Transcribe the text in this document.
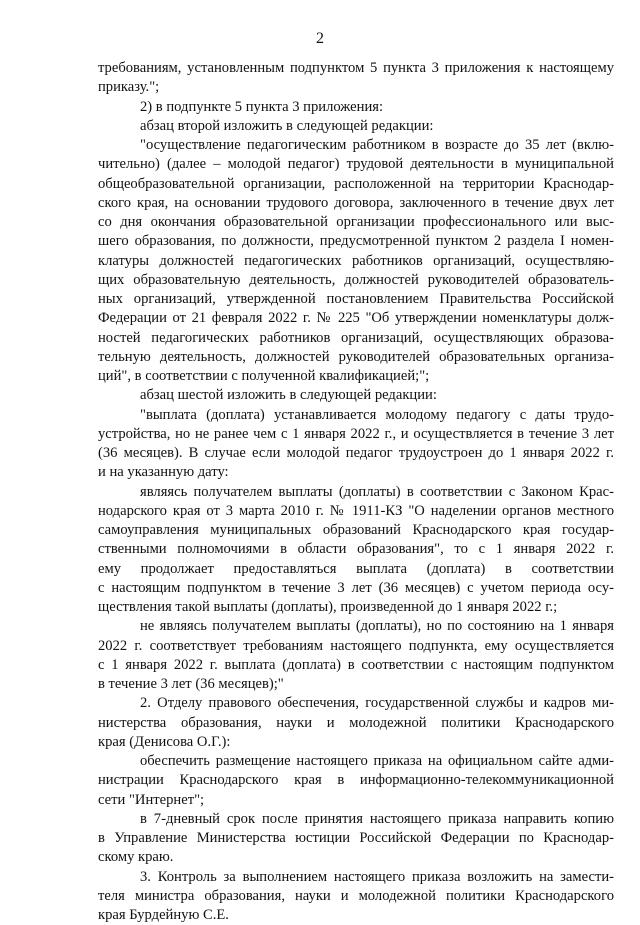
2
требованиям, установленным подпунктом 5 пункта 3 приложения к настоящему
приказу.";
2) в подпункте 5 пункта 3 приложения:
абзац второй изложить в следующей редакции:
"осуществление педагогическим работником в возрасте до 35 лет (вклю-
чительно) (далее – молодой педагог) трудовой деятельности в муниципальной
общеобразовательной организации, расположенной на территории Краснодар-
ского края, на основании трудового договора, заключенного в течение двух лет
со дня окончания образовательной организации профессионального или выс-
шего образования, по должности, предусмотренной пунктом 2 раздела I номен-
клатуры должностей педагогических работников организаций, осуществляю-
щих образовательную деятельность, должностей руководителей образователь-
ных организаций, утвержденной постановлением Правительства Российской
Федерации от 21 февраля 2022 г. № 225 "Об утверждении номенклатуры долж-
ностей педагогических работников организаций, осуществляющих образова-
тельную деятельность, должностей руководителей образовательных организа-
ций", в соответствии с полученной квалификацией;";
абзац шестой изложить в следующей редакции:
"выплата (доплата) устанавливается молодому педагогу с даты трудо-
устройства, но не ранее чем с 1 января 2022 г., и осуществляется в течение 3 лет
(36 месяцев). В случае если молодой педагог трудоустроен до 1 января 2022 г.
и на указанную дату:
являясь получателем выплаты (доплаты) в соответствии с Законом Крас-
нодарского края от 3 марта 2010 г. № 1911-КЗ "О наделении органов местного
самоуправления муниципальных образований Краснодарского края государ-
ственными полномочиями в области образования", то с 1 января 2022 г.
ему продолжает предоставляться выплата (доплата) в соответствии
с настоящим подпунктом в течение 3 лет (36 месяцев) с учетом периода осу-
ществления такой выплаты (доплаты), произведенной до 1 января 2022 г.;
не являясь получателем выплаты (доплаты), но по состоянию на 1 января
2022 г. соответствует требованиям настоящего подпункта, ему осуществляется
с 1 января 2022 г. выплата (доплата) в соответствии с настоящим подпунктом
в течение 3 лет (36 месяцев);"
2. Отделу правового обеспечения, государственной службы и кадров ми-
нистерства образования, науки и молодежной политики Краснодарского
края (Денисова О.Г.):
обеспечить размещение настоящего приказа на официальном сайте адми-
нистрации Краснодарского края в информационно-телекоммуникационной
сети "Интернет";
в 7-дневный срок после принятия настоящего приказа направить копию
в Управление Министерства юстиции Российской Федерации по Краснодар-
скому краю.
3. Контроль за выполнением настоящего приказа возложить на замести-
теля министра образования, науки и молодежной политики Краснодарского
края Бурдейную С.Е.
